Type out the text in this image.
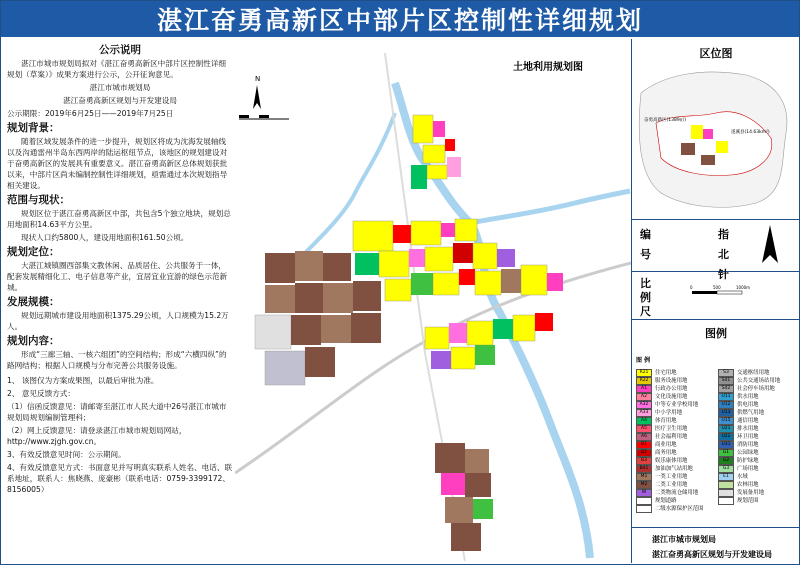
湛江奋勇高新区中部片区控制性详细规划
公示说明
湛江市城市规划局拟对《湛江奋勇高新区中部片区控制性详细规划（草案）》成果方案进行公示，公开征询意见。
湛江市城市规划局
湛江奋勇高新区规划与开发建设局
公示期限：2019年6月25日——2019年7月25日
规划背景：
随着区域发展条件的进一步提升，规划区将成为沈海发展轴线以及沟通雷州半岛东西两岸的陆运枢纽节点，该地区的规划建设对于奋勇高新区的发展具有重要意义。湛江奋勇高新区总体规划获批以来，中部片区尚未编制控制性详细规划，亟需通过本次规划指导相关建设。
范围与现状：
规划区位于湛江奋勇高新区中部，共包含5个独立地块，规划总用地面积14.63平方公里。
现状人口约5800人，建设用地面积161.50公顷。
规划定位：
大湛江城镇圈西部集文教休闲、品质居住、公共服务于一体，配套发展精细化工、电子信息等产业，宜居宜业宜游的绿色示范新城。
发展规模：
规划远期城市建设用地面积1375.29公顷，人口规模为15.2万人。
规划内容：
形成“三廊三轴、一核六组团”的空间结构；形成“六横四纵”的路网结构；根据人口规模与分布完善公共服务设施。
1、 该图仅为方案成果图，以最后审批为准。
2、 意见反馈方式：
（1）信函反馈意见：请邮寄至湛江市人民大道中26号湛江市城市规划局规划编制管理科；
（2）网上反馈意见：请登录湛江市城市规划局网站，http://www.zjgh.gov.cn。
3、有效反馈意见时间：公示期间。
4、有效反馈意见方式：书面意见并写明真实联系人姓名、电话、联系地址，联系人：焦晓燕、庞豪彬（联系电话：0759-3399172、8156005）
土地利用规划图
N
区位图
奋勇高新区(1389㎡)
遂溪县(14.63km²)
编号
指北针
比例尺
0	500	1000m
图例
图 例
R21	住宅用地
R22	服务设施用地
A1	行政办公用地
A2	文化设施用地
A32	中等专业学校用地
A33	中小学用地
A4	体育用地
A5	医疗卫生用地
A6	社会福利用地
B1	商业用地
B2	商务用地
B3	娱乐康体用地
B41	加油加气站用地
M1	一类工业用地
M2	二类工业用地
W	二类物流仓储用地
规划道路
二级水源保护区范围
S3	交通枢纽用地
S41	公共交通场站用地
S42	社会停车场用地
U11	供水用地
U12	供电用地
U13	供燃气用地
U15	通信用地
U21	排水用地
U22	环卫用地
U31	消防用地
G1	公园绿地
G2	防护绿地
G3	广场用地
E1	水域
农林用地
发展备用地
规划范围
湛江市城市规划局
湛江奋勇高新区规划与开发建设局
